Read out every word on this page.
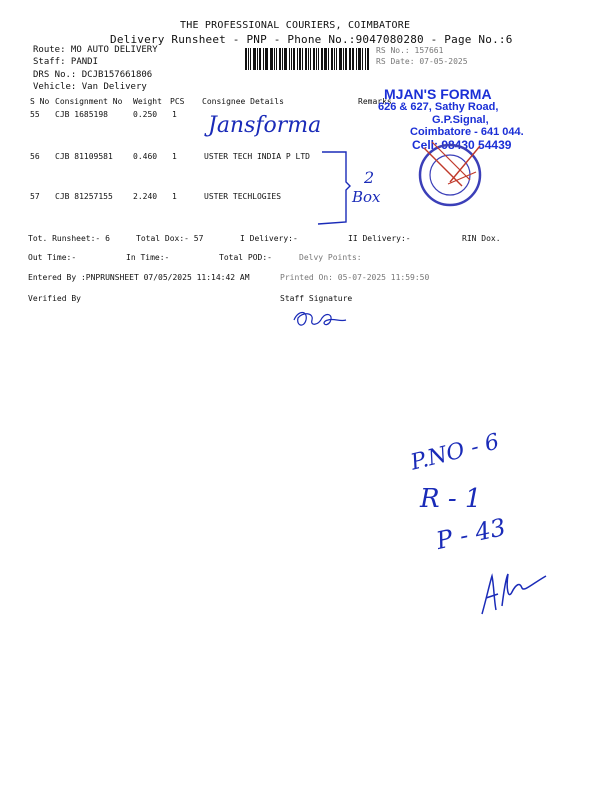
THE PROFESSIONAL COURIERS, COIMBATORE
Delivery Runsheet - PNP - Phone No.:9047080280 - Page No.:6
RS No.: 157661
RS Date: 07-05-2025
Route: MO AUTO DELIVERY
Staff: PANDI
DRS No.: DCJB157661806
Vehicle: Van Delivery
S No Consignment No Weight PCS Consignee Details	Remarks
55 CJB 1685198	0.250 1
56 CJB 81109581	0.460 1	USTER TECH INDIA P LTD
57 CJB 81257155	2.240 1	USTER TECHLOGIES
Tot. Runsheet:- 6	Total Dox:- 57	I Delivery:-	II Delivery:-	RIN Dox.
Out Time:-	In Time:-	Total POD:-	Delvy Points:
Entered By :PNPRUNSHEET 07/05/2025 11:14:42 AM	Printed On: 05-07-2025 11:59:50
Verified By	Staff Signature
MJAN'S FORMA
626 & 627, Sathy Road,
G.P.Signal,
Coimbatore - 641 044.
Cell: 98430 54439
Jansforma
2
Box
P.NO - 6
R - 1
P - 43
